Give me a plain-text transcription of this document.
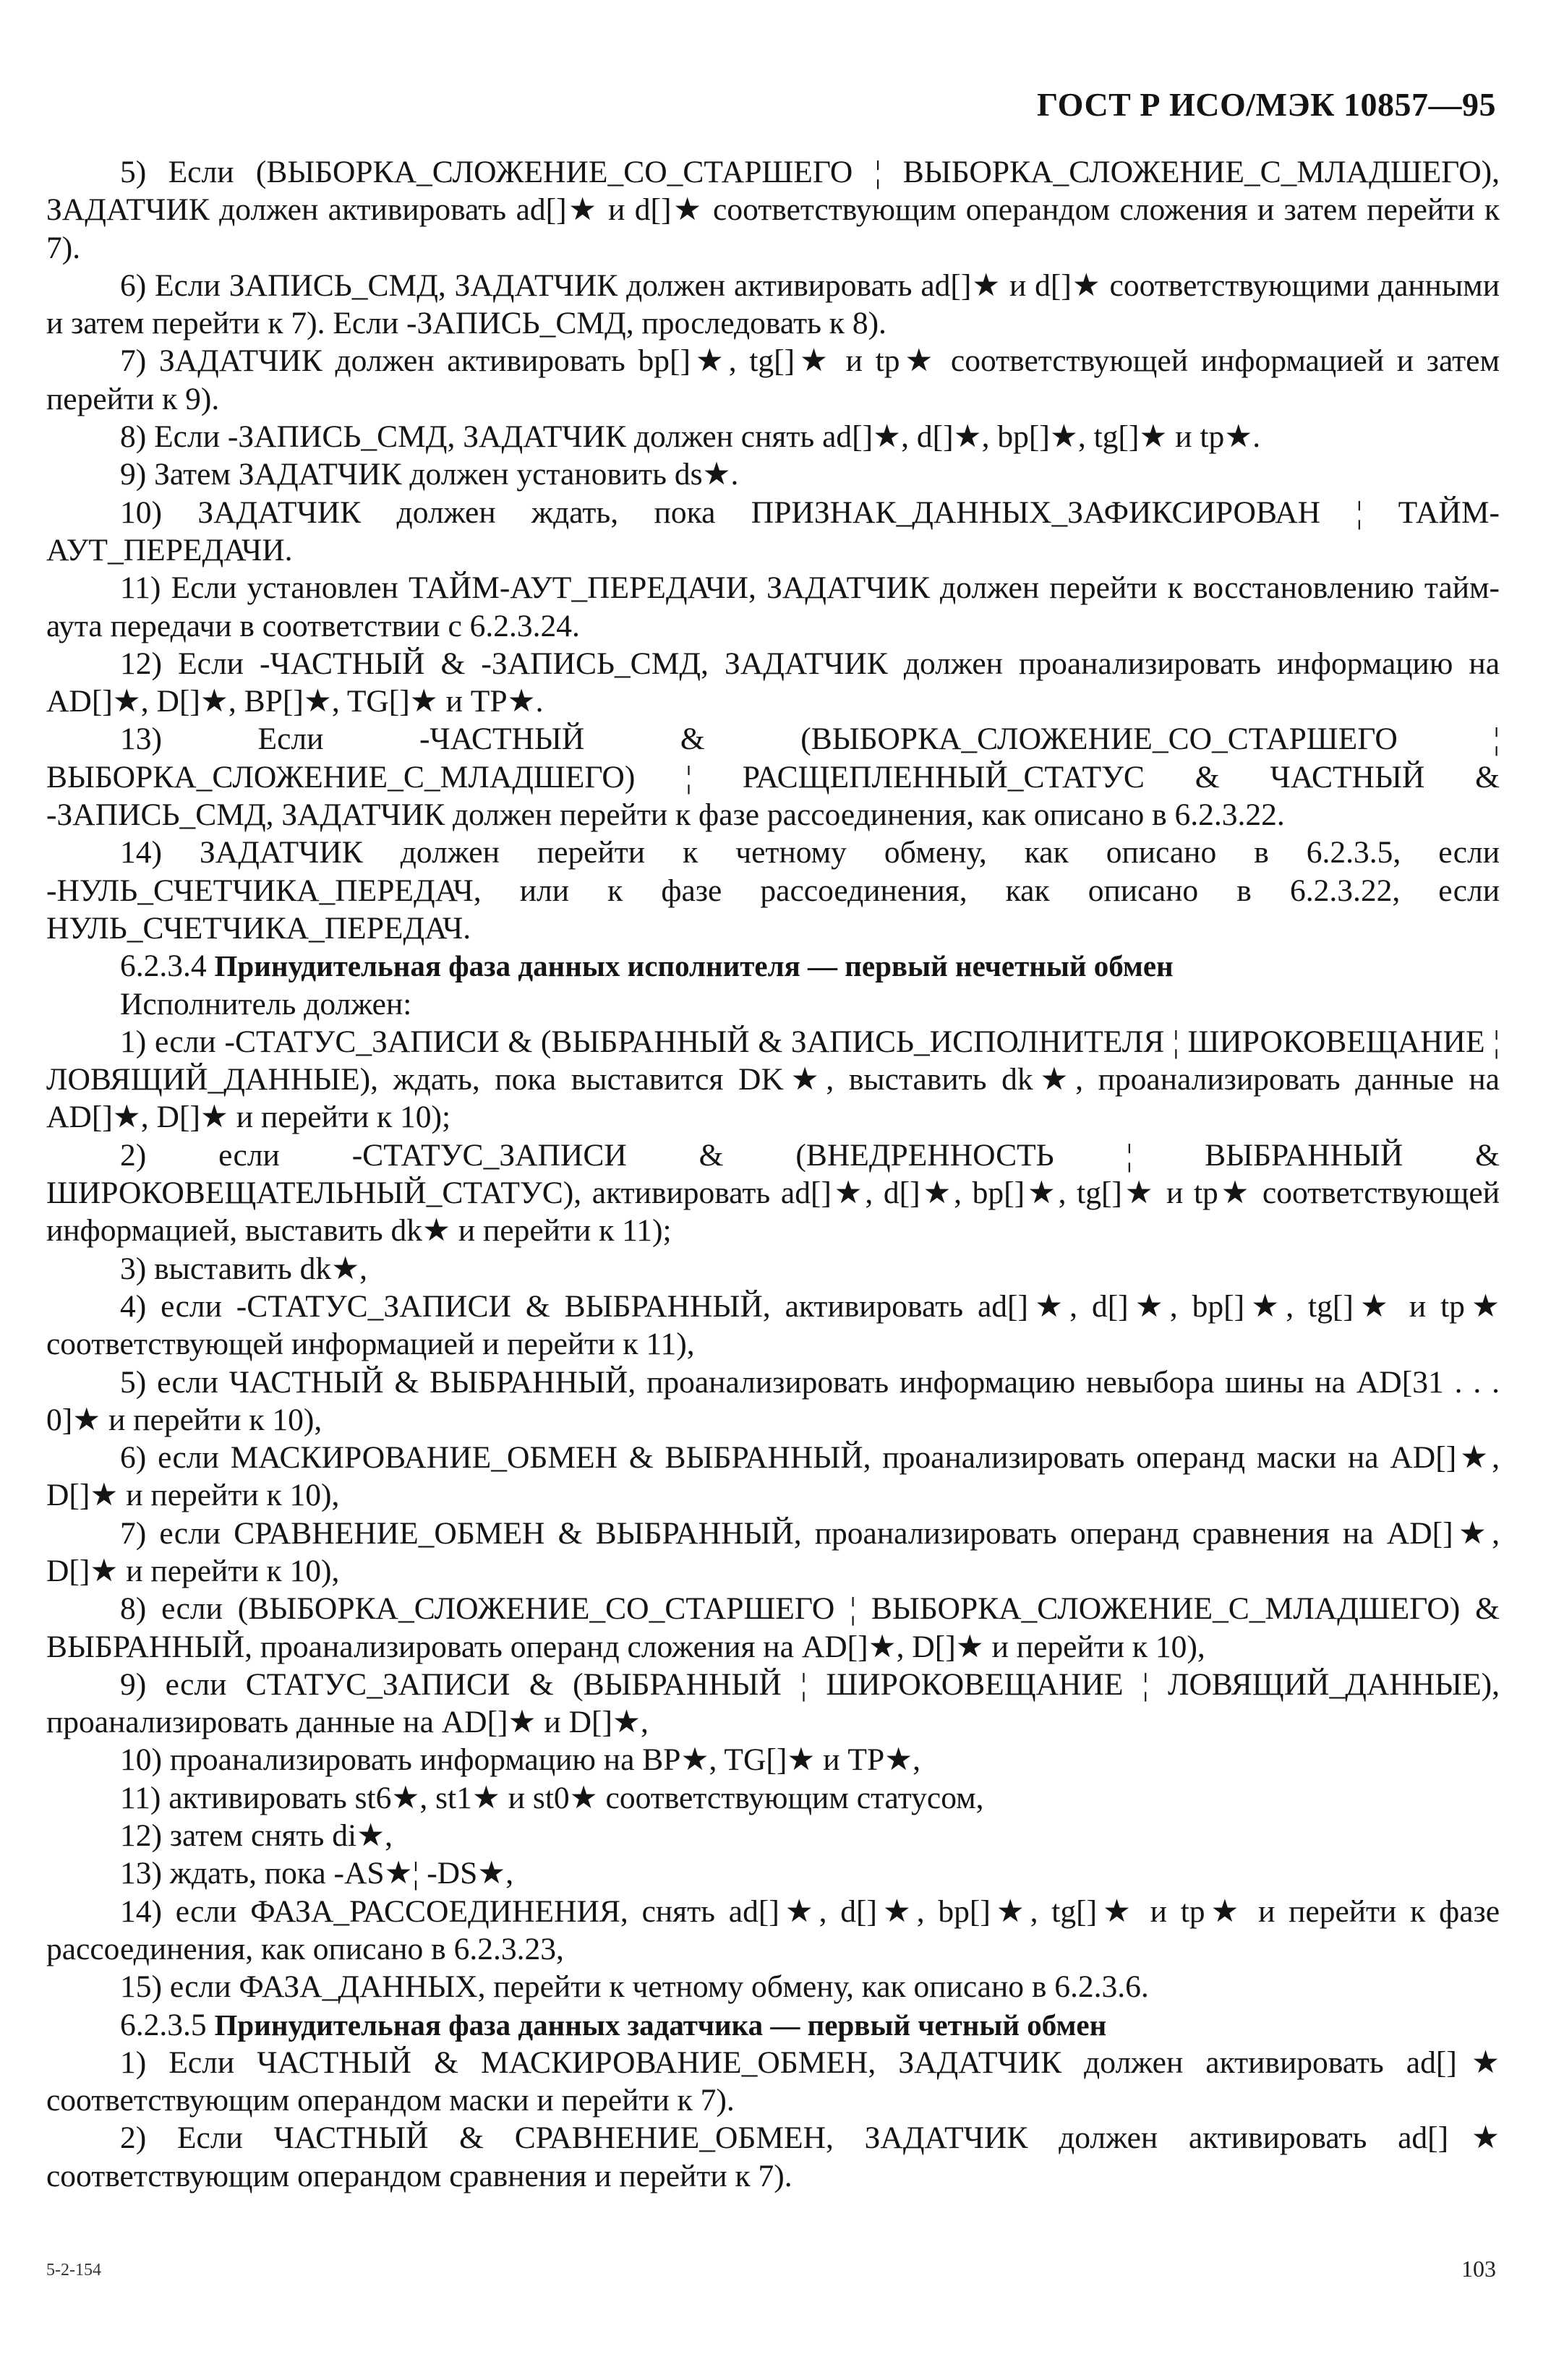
ГОСТ Р ИСО/МЭК 10857—95

5) Если (ВЫБОРКА_СЛОЖЕНИЕ_СО_СТАРШЕГО ¦ ВЫБОРКА_СЛОЖЕНИЕ_С_МЛАДШЕГО), ЗАДАТЧИК должен активировать ad[]★ и d[]★ соответствующим операндом сложения и затем перейти к 7).

6) Если ЗАПИСЬ_СМД, ЗАДАТЧИК должен активировать ad[]★ и d[]★ соответствующими данными и затем перейти к 7). Если -ЗАПИСЬ_СМД, проследовать к 8).

7) ЗАДАТЧИК должен активировать bp[]★, tg[]★ и tp★ соответствующей информацией и затем перейти к 9).

8) Если -ЗАПИСЬ_СМД, ЗАДАТЧИК должен снять ad[]★, d[]★, bp[]★, tg[]★ и tp★.

9) Затем ЗАДАТЧИК должен установить ds★.

10) ЗАДАТЧИК должен ждать, пока ПРИЗНАК_ДАННЫХ_ЗАФИКСИРОВАН ¦ ТАЙМ-АУТ_ПЕРЕДАЧИ.

11) Если установлен ТАЙМ-АУТ_ПЕРЕДАЧИ, ЗАДАТЧИК должен перейти к восстановлению тайм-аута передачи в соответствии с 6.2.3.24.

12) Если -ЧАСТНЫЙ & -ЗАПИСЬ_СМД, ЗАДАТЧИК должен проанализировать информацию на AD[]★, D[]★, BP[]★, TG[]★ и TP★.

13) Если -ЧАСТНЫЙ & (ВЫБОРКА_СЛОЖЕНИЕ_СО_СТАРШЕГО ¦ ВЫБОРКА_СЛОЖЕНИЕ_С_МЛАДШЕГО) ¦ РАСЩЕПЛЕННЫЙ_СТАТУС & ЧАСТНЫЙ & -ЗАПИСЬ_СМД, ЗАДАТЧИК должен перейти к фазе рассоединения, как описано в 6.2.3.22.

14) ЗАДАТЧИК должен перейти к четному обмену, как описано в 6.2.3.5, если -НУЛЬ_СЧЕТЧИКА_ПЕРЕДАЧ, или к фазе рассоединения, как описано в 6.2.3.22, если НУЛЬ_СЧЕТЧИКА_ПЕРЕДАЧ.

6.2.3.4 Принудительная фаза данных исполнителя — первый нечетный обмен

Исполнитель должен:

1) если -СТАТУС_ЗАПИСИ & (ВЫБРАННЫЙ & ЗАПИСЬ_ИСПОЛНИТЕЛЯ ¦ ШИРОКОВЕЩАНИЕ ¦ ЛОВЯЩИЙ_ДАННЫЕ), ждать, пока выставится DK★, выставить dk★, проанализировать данные на AD[]★, D[]★ и перейти к 10);

2) если -СТАТУС_ЗАПИСИ & (ВНЕДРЕННОСТЬ ¦ ВЫБРАННЫЙ & ШИРОКОВЕЩАТЕЛЬНЫЙ_СТАТУС), активировать ad[]★, d[]★, bp[]★, tg[]★ и tp★ соответствующей информацией, выставить dk★ и перейти к 11);

3) выставить dk★,

4) если -СТАТУС_ЗАПИСИ & ВЫБРАННЫЙ, активировать ad[]★, d[]★, bp[]★, tg[]★ и tp★ соответствующей информацией и перейти к 11),

5) если ЧАСТНЫЙ & ВЫБРАННЫЙ, проанализировать информацию невыбора шины на AD[31 . . . 0]★ и перейти к 10),

6) если МАСКИРОВАНИЕ_ОБМЕН & ВЫБРАННЫЙ, проанализировать операнд маски на AD[]★, D[]★ и перейти к 10),

7) если СРАВНЕНИЕ_ОБМЕН & ВЫБРАННЫЙ, проанализировать операнд сравнения на AD[]★, D[]★ и перейти к 10),

8) если (ВЫБОРКА_СЛОЖЕНИЕ_СО_СТАРШЕГО ¦ ВЫБОРКА_СЛОЖЕНИЕ_С_МЛАДШЕГО) & ВЫБРАННЫЙ, проанализировать операнд сложения на AD[]★, D[]★ и перейти к 10),

9) если СТАТУС_ЗАПИСИ & (ВЫБРАННЫЙ ¦ ШИРОКОВЕЩАНИЕ ¦ ЛОВЯЩИЙ_ДАННЫЕ), проанализировать данные на AD[]★ и D[]★,

10) проанализировать информацию на BP★, TG[]★ и TP★,

11) активировать st6★, st1★ и st0★ соответствующим статусом,

12) затем снять di★,

13) ждать, пока -AS★¦ -DS★,

14) если ФАЗА_РАССОЕДИНЕНИЯ, снять ad[]★, d[]★, bp[]★, tg[]★ и tp★ и перейти к фазе рассоединения, как описано в 6.2.3.23,

15) если ФАЗА_ДАННЫХ, перейти к четному обмену, как описано в 6.2.3.6.

6.2.3.5 Принудительная фаза данных задатчика — первый четный обмен

1) Если ЧАСТНЫЙ & МАСКИРОВАНИЕ_ОБМЕН, ЗАДАТЧИК должен активировать ad[]★ соответствующим операндом маски и перейти к 7).

2) Если ЧАСТНЫЙ & СРАВНЕНИЕ_ОБМЕН, ЗАДАТЧИК должен активировать ad[]★ соответствующим операндом сравнения и перейти к 7).

5-2-154	103
